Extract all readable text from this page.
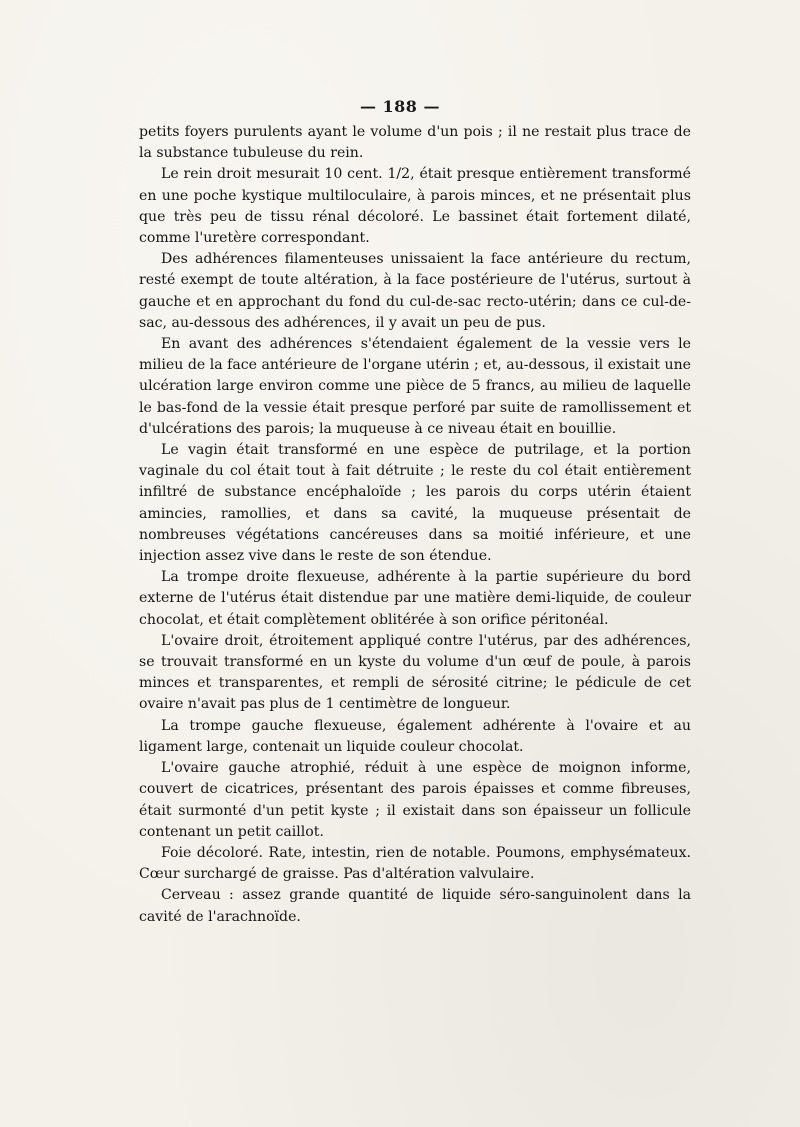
— 188 —

petits foyers purulents ayant le volume d'un pois ; il ne restait plus trace de la substance tubuleuse du rein.

Le rein droit mesurait 10 cent. 1/2, était presque entièrement transformé en une poche kystique multiloculaire, à parois minces, et ne présentait plus que très peu de tissu rénal décoloré. Le bassinet était fortement dilaté, comme l'uretère correspondant.

Des adhérences filamenteuses unissaient la face antérieure du rectum, resté exempt de toute altération, à la face postérieure de l'utérus, surtout à gauche et en approchant du fond du cul-de-sac recto-utérin; dans ce cul-de-sac, au-dessous des adhérences, il y avait un peu de pus.

En avant des adhérences s'étendaient également de la vessie vers le milieu de la face antérieure de l'organe utérin ; et, au-dessous, il existait une ulcération large environ comme une pièce de 5 francs, au milieu de laquelle le bas-fond de la vessie était presque perforé par suite de ramollissement et d'ulcérations des parois; la muqueuse à ce niveau était en bouillie.

Le vagin était transformé en une espèce de putrilage, et la portion vaginale du col était tout à fait détruite ; le reste du col était entièrement infiltré de substance encéphaloïde ; les parois du corps utérin étaient amincies, ramollies, et dans sa cavité, la muqueuse présentait de nombreuses végétations cancéreuses dans sa moitié inférieure, et une injection assez vive dans le reste de son étendue.

La trompe droite flexueuse, adhérente à la partie supérieure du bord externe de l'utérus était distendue par une matière demi-liquide, de couleur chocolat, et était complètement oblitérée à son orifice péritonéal.

L'ovaire droit, étroitement appliqué contre l'utérus, par des adhérences, se trouvait transformé en un kyste du volume d'un œuf de poule, à parois minces et transparentes, et rempli de sérosité citrine; le pédicule de cet ovaire n'avait pas plus de 1 centimètre de longueur.

La trompe gauche flexueuse, également adhérente à l'ovaire et au ligament large, contenait un liquide couleur chocolat.

L'ovaire gauche atrophié, réduit à une espèce de moignon informe, couvert de cicatrices, présentant des parois épaisses et comme fibreuses, était surmonté d'un petit kyste ; il existait dans son épaisseur un follicule contenant un petit caillot.

Foie décoloré. Rate, intestin, rien de notable. Poumons, emphysémateux. Cœur surchargé de graisse. Pas d'altération valvulaire.

Cerveau : assez grande quantité de liquide séro-sanguinolent dans la cavité de l'arachnoïde.
